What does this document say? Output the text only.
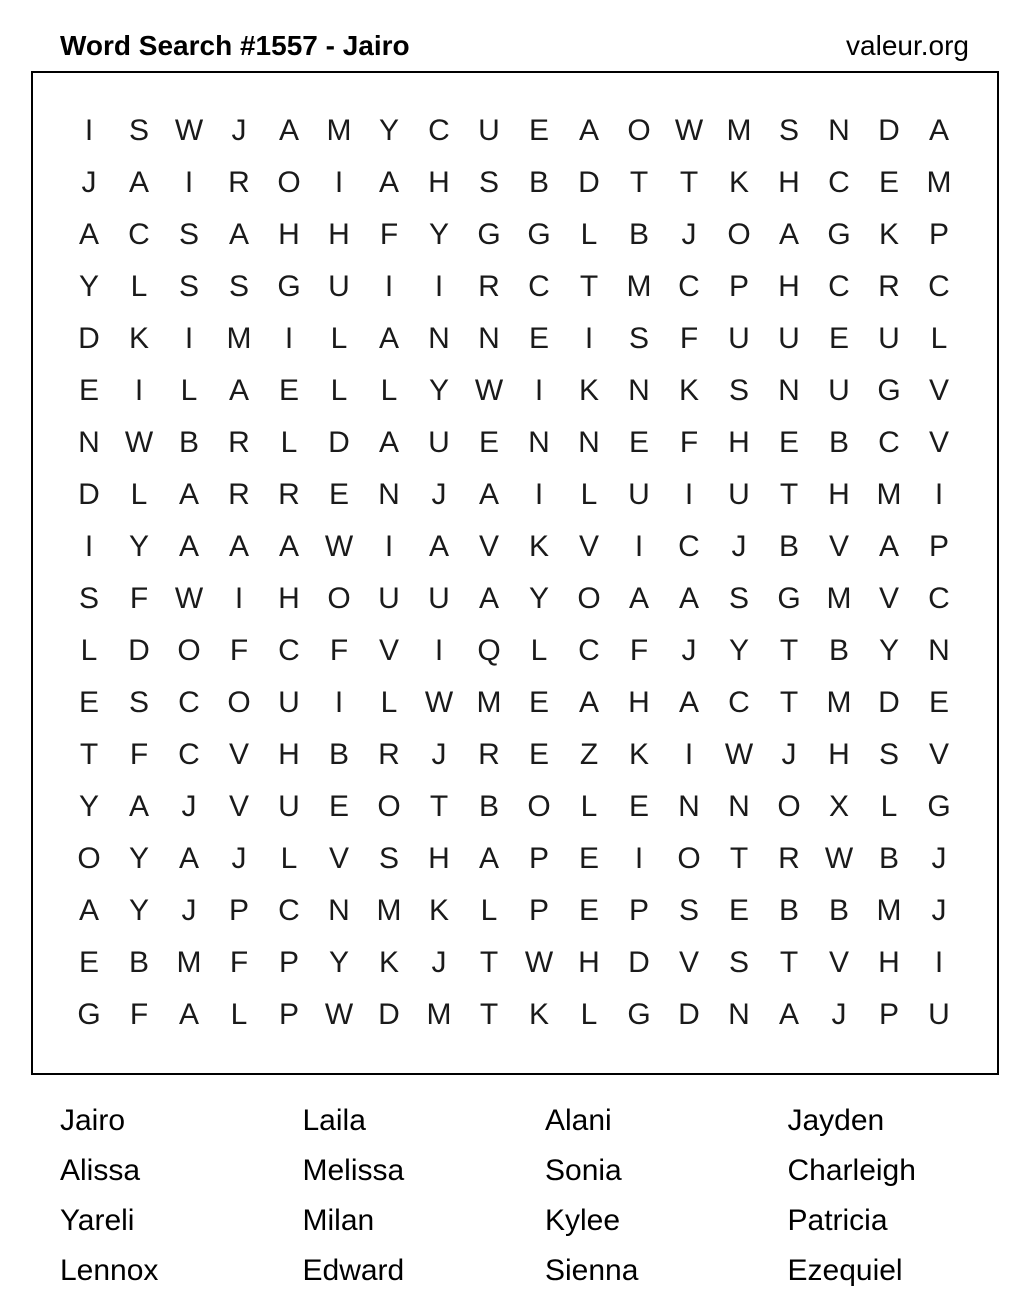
Word Search #1557 - Jairo	valeur.org
I	S W J	A M Y C U E A O W M S N D A
J	A	I	R O	I	A H S B D	T	T	K H C E M
A C S A H H	F	Y G G L	B	J	O A G K P
Y	L	S S G U	I	I	R C	T M C P H C R C
D K	I	M	I	L	A N N E	I	S	F	U U E U	L
E	I	L	A E	L	L	Y W	I	K N K S N U G V
N W B R	L	D A U E N N E	F	H E B C V
D	L	A R R E N	J	A	I	L	U	I	U	T	H M	I
I	Y A A A W	I	A V K V	I	C	J	B V A P
S	F W	I	H O U U A Y O A A S G M V C
L	D O F	C	F	V	I	Q L	C	F	J	Y	T	B Y N
E S C O U	I	L W M E A H A C	T M D E
T	F	C V H B R	J	R E	Z	K	I	W J	H S V
Y A	J	V U E O T	B O L	E N N O X	L G
O Y A	J	L	V S H A P E	I	O T	R W B	J
A Y	J	P C N M K	L	P E P S E B B M	J
E B M F	P Y K	J	T W H D V S	T	V H	I
G F	A	L	P W D M T	K	L G D N A	J	P U
Jairo	Laila	Alani	Jayden
Alissa	Melissa	Sonia	Charleigh
Yareli	Milan	Kylee	Patricia
Lennox	Edward	Sienna	Ezequiel
